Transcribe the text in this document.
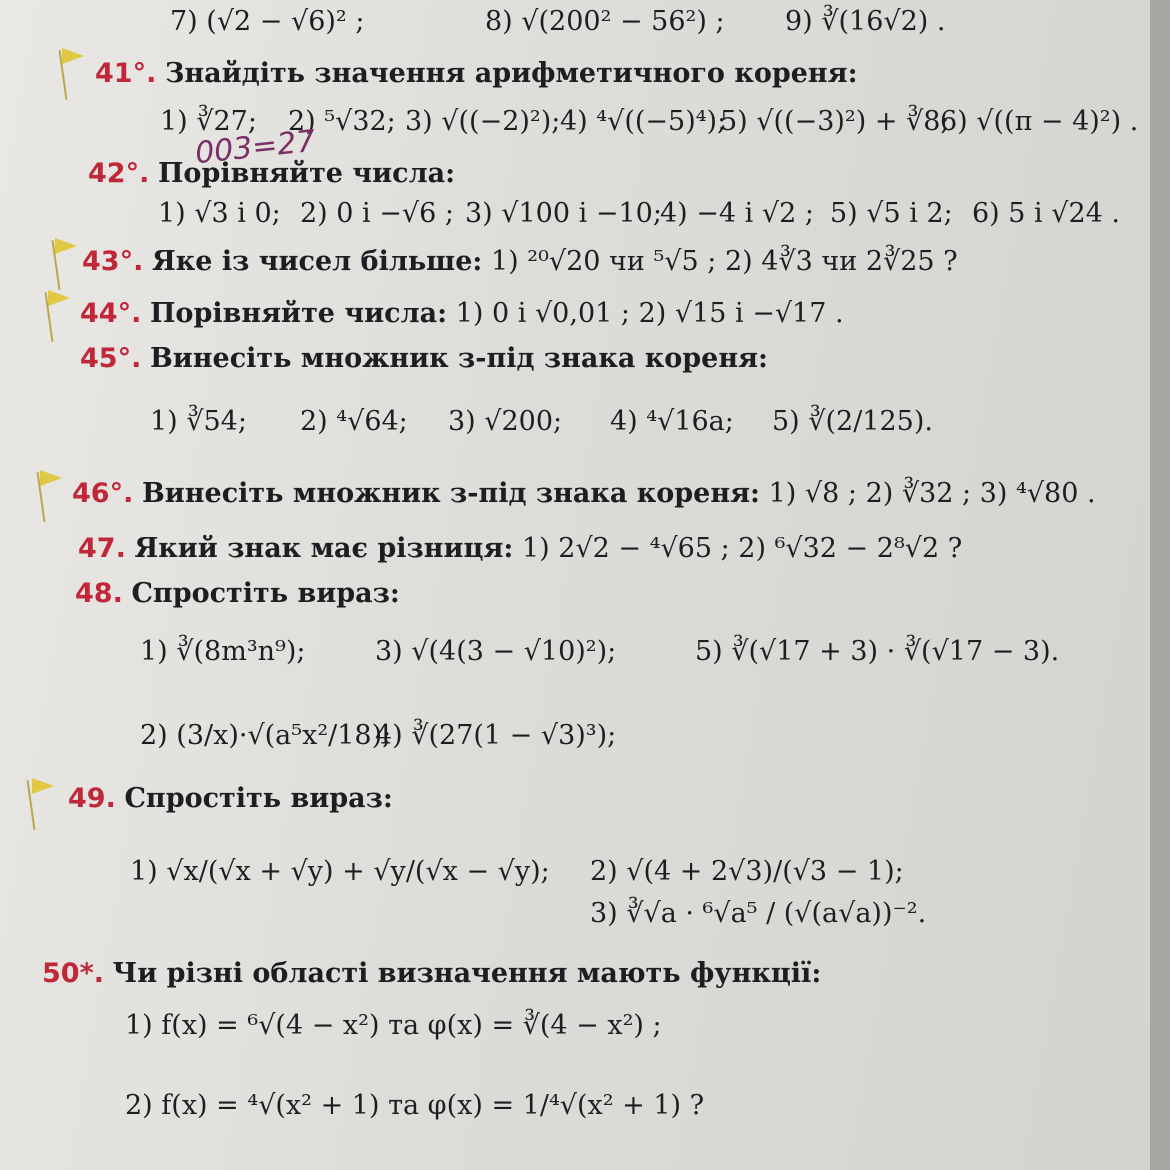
7) (√2 − √6)² ;	8) √(200² − 56²) ; 9) ∛(16√2) .
41°. Знайдіть значення арифметичного кореня:
1) ∛27; 2) ⁵√32; 3) √((−2)²); 4) ⁴√((−5)⁴);
5) √((−3)²) + ∛8;
6) √((π − 4)²) .
003=27
42°. Порівняйте числа:
1) √3 і 0; 2) 0 і −√6 ; 3) √100 і −10;
4) −4 і √2 ; 5) √5 і 2; 6) 5 і √24 .
43°. Яке із чисел більше: 1) ²⁰√20 чи ⁵√5 ; 2) 4∛3 чи 2∛25 ?
44°. Порівняйте числа: 1) 0 і √0,01 ; 2) √15 і −√17 .
45°. Винесіть множник з-під знака кореня:
1) ∛54; 2) ⁴√64; 3) √200; 4) ⁴√16a; 5) ∛(2/125).
46°. Винесіть множник з-під знака кореня: 1) √8 ; 2) ∛32 ; 3) ⁴√80 .
47. Який знак має різниця: 1) 2√2 − ⁴√65 ; 2) ⁶√32 − 2⁸√2 ?
48. Спростіть вираз:
1) ∛(8m³n⁹);	3) √(4(3 − √10)²);	5) ∛(√17 + 3) · ∛(√17 − 3).
2) (3/x)·√(a⁵x²/18);
4) ∛(27(1 − √3)³);
49. Спростіть вираз:
1) √x/(√x + √y) + √y/(√x − √y); 2) √(4 + 2√3)/(√3 − 1);
3) ∛√a · ⁶√a⁵ / (√(a√a))⁻².
50*. Чи різні області визначення мають функції:
1) f(x) = ⁶√(4 − x²) та φ(x) = ∛(4 − x²) ;
2) f(x) = ⁴√(x² + 1) та φ(x) = 1/⁴√(x² + 1) ?
